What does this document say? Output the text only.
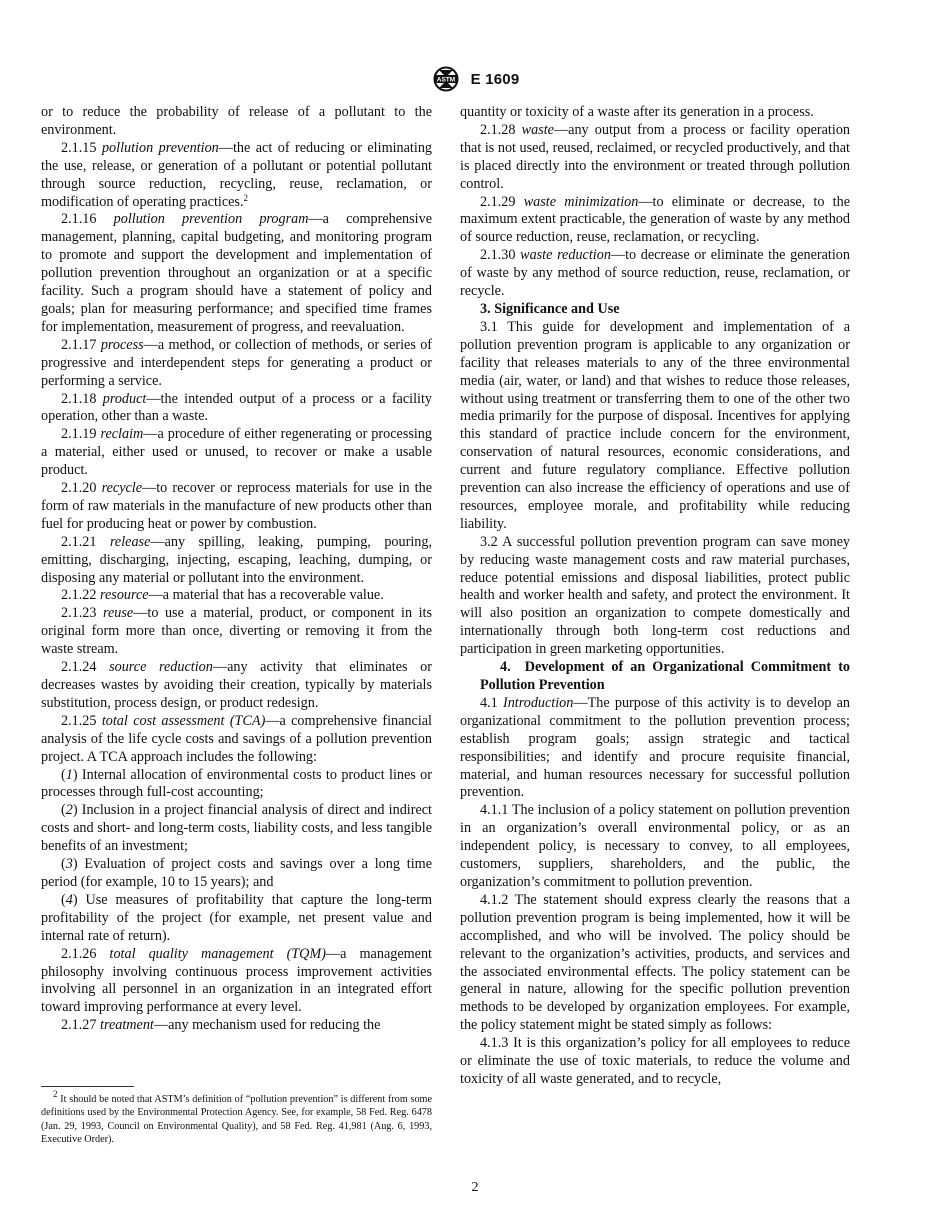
ASTM E 1609

or to reduce the probability of release of a pollutant to the environment.

2.1.15 pollution prevention—the act of reducing or eliminating the use, release, or generation of a pollutant or potential pollutant through source reduction, recycling, reuse, reclamation, or modification of operating practices.$^2$

2.1.16 pollution prevention program—a comprehensive management, planning, capital budgeting, and monitoring program to promote and support the development and implementation of pollution prevention throughout an organization or at a specific facility. Such a program should have a statement of policy and goals; plan for measuring performance; and specified time frames for implementation, measurement of progress, and reevaluation.

2.1.17 process—a method, or collection of methods, or series of progressive and interdependent steps for generating a product or performing a service.

2.1.18 product—the intended output of a process or a facility operation, other than a waste.

2.1.19 reclaim—a procedure of either regenerating or processing a material, either used or unused, to recover or make a usable product.

2.1.20 recycle—to recover or reprocess materials for use in the form of raw materials in the manufacture of new products other than fuel for producing heat or power by combustion.

2.1.21 release—any spilling, leaking, pumping, pouring, emitting, discharging, injecting, escaping, leaching, dumping, or disposing any material or pollutant into the environment.

2.1.22 resource—a material that has a recoverable value.

2.1.23 reuse—to use a material, product, or component in its original form more than once, diverting or removing it from the waste stream.

2.1.24 source reduction—any activity that eliminates or decreases wastes by avoiding their creation, typically by materials substitution, process design, or product redesign.

2.1.25 total cost assessment (TCA)—a comprehensive financial analysis of the life cycle costs and savings of a pollution prevention project. A TCA approach includes the following:

(1) Internal allocation of environmental costs to product lines or processes through full-cost accounting;

(2) Inclusion in a project financial analysis of direct and indirect costs and short- and long-term costs, liability costs, and less tangible benefits of an investment;

(3) Evaluation of project costs and savings over a long time period (for example, 10 to 15 years); and

(4) Use measures of profitability that capture the long-term profitability of the project (for example, net present value and internal rate of return).

2.1.26 total quality management (TQM)—a management philosophy involving continuous process improvement activities involving all personnel in an organization in an integrated effort toward improving performance at every level.

2.1.27 treatment—any mechanism used for reducing the

$^2$ It should be noted that ASTM’s definition of “pollution prevention” is different from some definitions used by the Environmental Protection Agency. See, for example, 58 Fed. Reg. 6478 (Jan. 29, 1993, Council on Environmental Quality), and 58 Fed. Reg. 41,981 (Aug. 6, 1993, Executive Order).

quantity or toxicity of a waste after its generation in a process.

2.1.28 waste—any output from a process or facility operation that is not used, reused, reclaimed, or recycled productively, and that is placed directly into the environment or treated through pollution control.

2.1.29 waste minimization—to eliminate or decrease, to the maximum extent practicable, the generation of waste by any method of source reduction, reuse, reclamation, or recycling.

2.1.30 waste reduction—to decrease or eliminate the generation of waste by any method of source reduction, reuse, reclamation, or recycle.

3. Significance and Use

3.1 This guide for development and implementation of a pollution prevention program is applicable to any organization or facility that releases materials to any of the three environmental media (air, water, or land) and that wishes to reduce those releases, without using treatment or transferring them to one of the other two media primarily for the purpose of disposal. Incentives for applying this standard of practice include concern for the environment, conservation of natural resources, economic considerations, and current and future regulatory compliance. Effective pollution prevention can also increase the efficiency of operations and use of resources, employee morale, and profitability while reducing liability.

3.2 A successful pollution prevention program can save money by reducing waste management costs and raw material purchases, reduce potential emissions and disposal liabilities, protect public health and worker health and safety, and protect the environment. It will also position an organization to compete domestically and internationally through both long-term cost reductions and participation in green marketing opportunities.

4. Development of an Organizational Commitment to Pollution Prevention

4.1 Introduction—The purpose of this activity is to develop an organizational commitment to the pollution prevention process; establish program goals; assign strategic and tactical responsibilities; and identify and procure requisite financial, material, and human resources necessary for successful pollution prevention.

4.1.1 The inclusion of a policy statement on pollution prevention in an organization’s overall environmental policy, or as an independent policy, is necessary to convey, to all employees, customers, suppliers, shareholders, and the public, the organization’s commitment to pollution prevention.

4.1.2 The statement should express clearly the reasons that a pollution prevention program is being implemented, how it will be accomplished, and who will be involved. The policy should be relevant to the organization’s activities, products, and services and the associated environmental effects. The policy statement can be general in nature, allowing for the specific pollution prevention methods to be developed by organization employees. For example, the policy statement might be stated simply as follows:

4.1.3 It is this organization’s policy for all employees to reduce or eliminate the use of toxic materials, to reduce the volume and toxicity of all waste generated, and to recycle,

2
